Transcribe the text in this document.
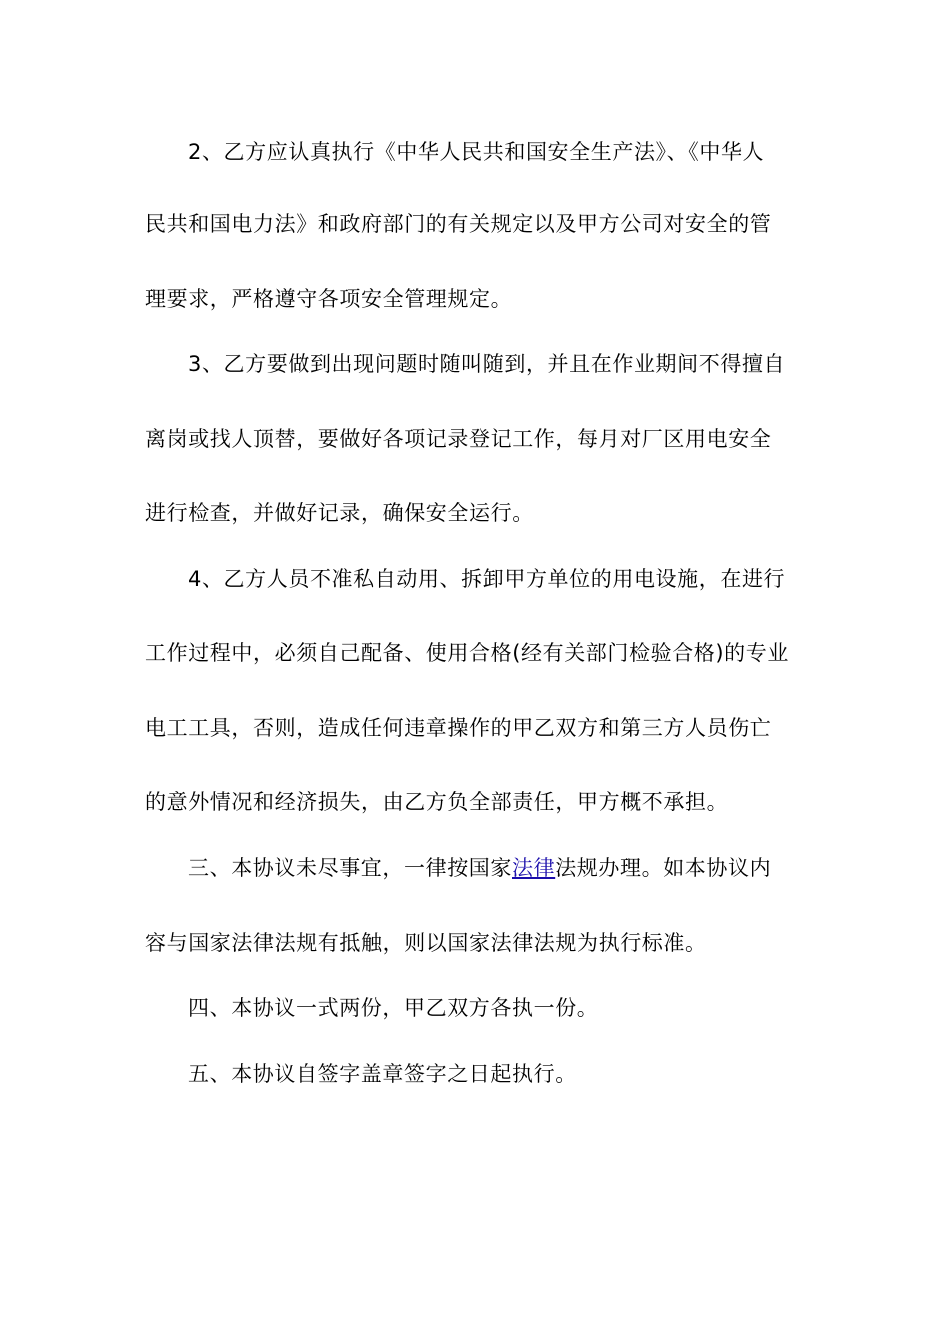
2、乙方应认真执行《中华人民共和国安全生产法》、《中华人
民共和国电力法》和政府部门的有关规定以及甲方公司对安全的管
理要求，严格遵守各项安全管理规定。
3、乙方要做到出现问题时随叫随到，并且在作业期间不得擅自
离岗或找人顶替，要做好各项记录登记工作，每月对厂区用电安全
进行检查，并做好记录，确保安全运行。
4、乙方人员不准私自动用、拆卸甲方单位的用电设施，在进行
工作过程中，必须自己配备、使用合格(经有关部门检验合格)的专业
电工工具，否则，造成任何违章操作的甲乙双方和第三方人员伤亡
的意外情况和经济损失，由乙方负全部责任，甲方概不承担。
三、本协议未尽事宜，一律按国家法律法规办理。如本协议内
容与国家法律法规有抵触，则以国家法律法规为执行标准。
四、本协议一式两份，甲乙双方各执一份。
五、本协议自签字盖章签字之日起执行。
